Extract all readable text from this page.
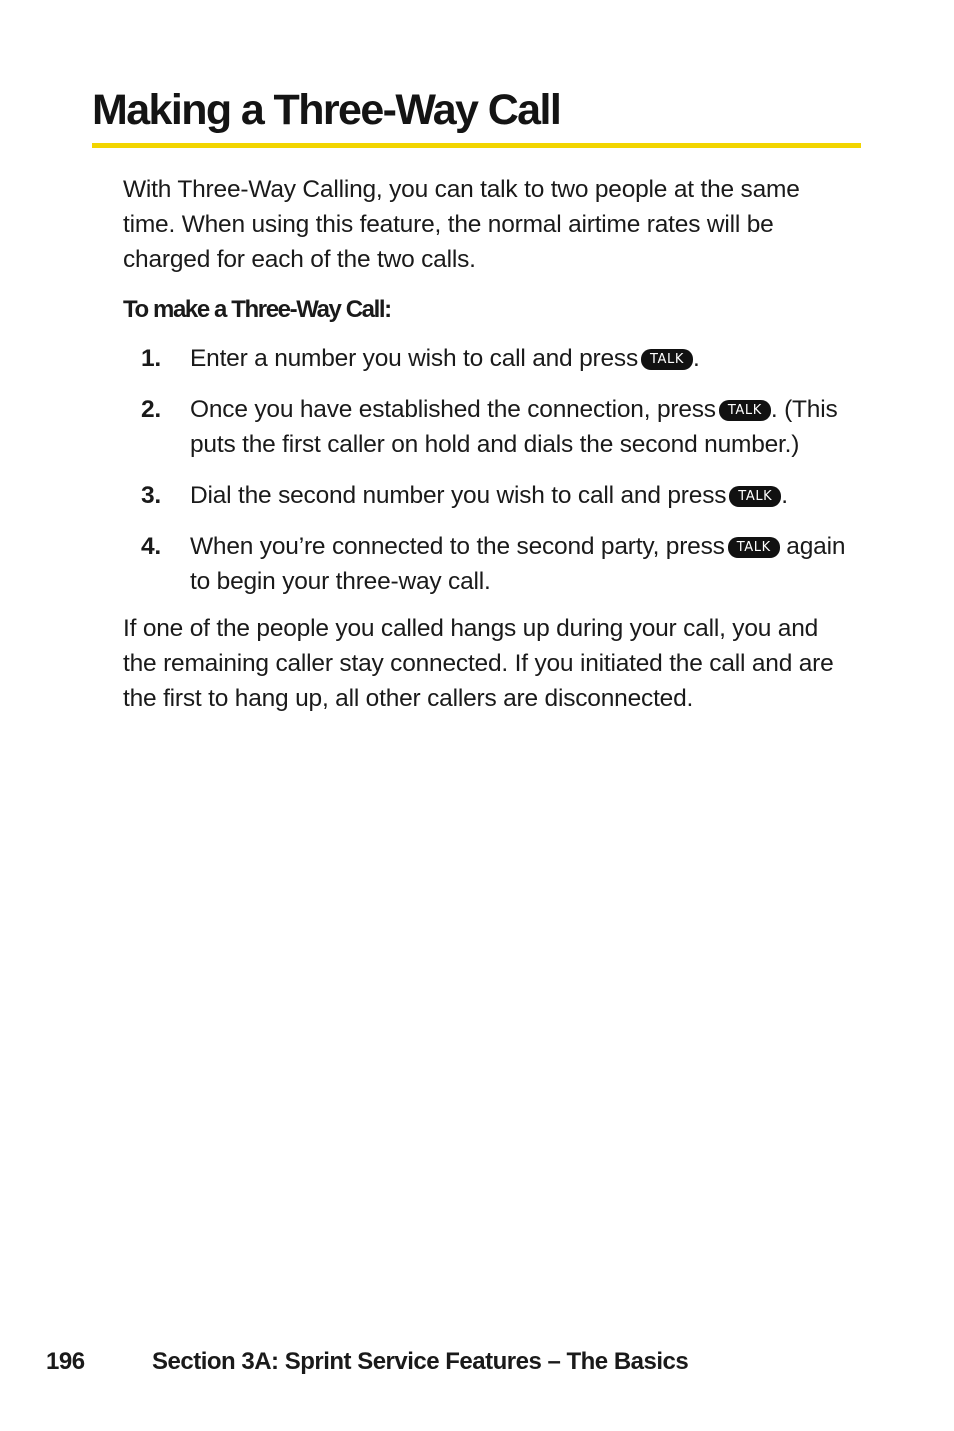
Making a Three-Way Call

With Three-Way Calling, you can talk to two people at the same time. When using this feature, the normal airtime rates will be charged for each of the two calls.

To make a Three-Way Call:

1. Enter a number you wish to call and press TALK .
2. Once you have established the connection, press TALK . (This puts the first caller on hold and dials the second number.)
3. Dial the second number you wish to call and press TALK .
4. When you’re connected to the second party, press TALK again to begin your three-way call.

If one of the people you called hangs up during your call, you and the remaining caller stay connected. If you initiated the call and are the first to hang up, all other callers are disconnected.

196	Section 3A: Sprint Service Features – The Basics
